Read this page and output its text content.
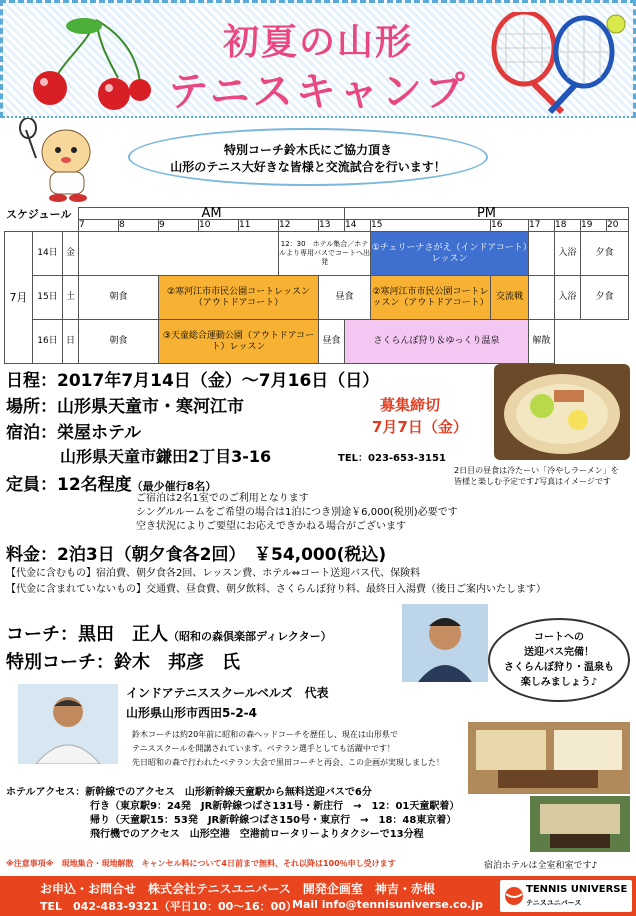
初夏の山形
テニスキャンプ
特別コーチ鈴木氏にご協力頂き
山形のテニス大好きな皆様と交流試合を行います！
スケジュール
			AM							PM						
			7	8	9	10	11	12	13	14	15	16	17	18	19	20
7月	14日	金						12：30　ホテル集合／ホテルより専用バスでコートへ出発			①チェリーナさがえ（インドアコート）レッスン			入浴	夕食	
	15日	土	朝食		②寒河江市市民公園コートレッスン（アウトドアコート）				昼食		②寒河江市市民公園コートレッスン（アウトドアコート）	交流戦		入浴	夕食	
	16日	日	朝食		③天童総合運動公園（アウトドアコート）レッスン				昼食	さくらんぼ狩り＆ゆっくり温泉			解散			
日程：2017年7月14日（金）～7月16日（日）
場所：山形県天童市・寒河江市	募集締切
7月7日（金）
宿泊：栄屋ホテル
山形県天童市鎌田2丁目3-16	TEL：023-653-3151
2日目の昼食は冷たーい「冷やしラーメン」を
皆様と楽しむ予定です♪写真はイメージです
定員：12名程度（最少催行8名）
ご宿泊は2名1室でのご利用となります
シングルルームをご希望の場合は1泊につき別途￥6,000(税別)必要です
空き状況によりご要望にお応えできかねる場合がございます
料金：2泊3日（朝夕食各2回）　￥54,000(税込)
【代金に含むもの】宿泊費、朝夕食各2回、レッスン費、ホテル⇔コート送迎バス代、保険料
【代金に含まれていないもの】交通費、昼食費、朝夕飲料、さくらんぼ狩り料、最終日入湯費（後日ご案内いたします）
コーチ：黒田　正人（昭和の森倶楽部ディレクター）
特別コーチ：鈴木　邦彦　氏
コートへの
送迎バス完備！
さくらんぼ狩り・温泉も
楽しみましょう♪
インドアテニススクールベルズ　代表
山形県山形市西田5-2-4
鈴木コーチは約20年前に昭和の森ヘッドコーチを歴任し、現在は山形県で
テニススクールを開講されています。ベテラン選手としても活躍中です！
先日昭和の森で行われたベテラン大会で黒田コーチと再会、この企画が実現しました！
ホテルアクセス：新幹線でのアクセス　山形新幹線天童駅から無料送迎バスで6分
行き（東京駅9：24発　JR新幹線つばさ131号・新庄行　→　12：01天童駅着）
帰り（天童駅15：53発　JR新幹線つばさ150号・東京行　→　18：48東京着）
飛行機でのアクセス　山形空港　空港前ロータリーよりタクシーで13分程
※注意事項※　現地集合・現地解散　キャンセル料について4日前まで無料、それ以降は100％申し受けます	宿泊ホテルは全室和室です♪
お申込・お問合せ　株式会社テニスユニバース　開発企画室　神吉・赤根
TEL　042-483-9321（平日10：00～16：00）
Mail info@tennisuniverse.co.jp
TENNIS UNIVERSE
テニスユニバース
